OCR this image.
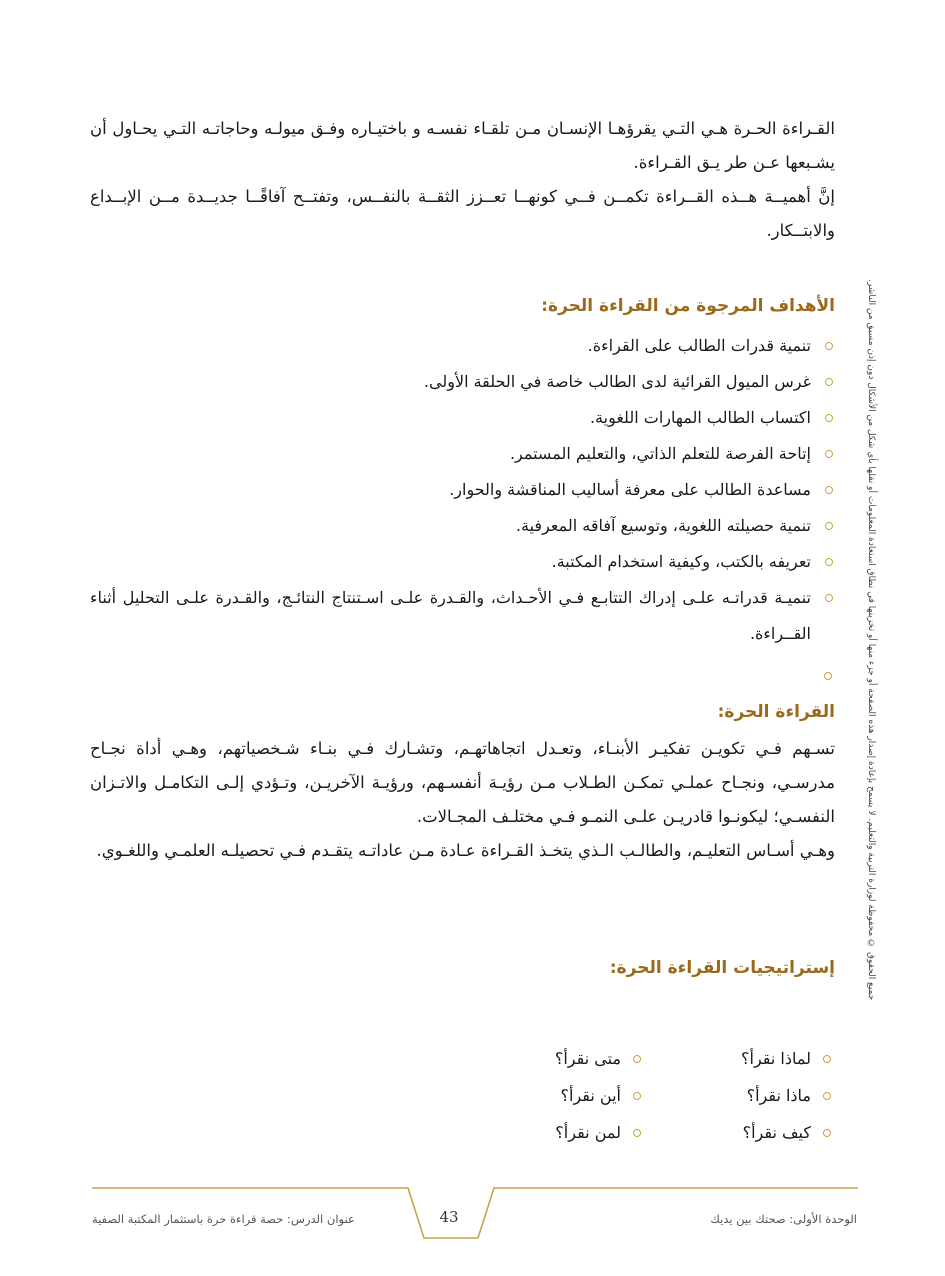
القـراءة الحـرة هـي التـي يقرؤهـا الإنسـان مـن تلقـاء نفسـه و باختيـاره وفـق ميولـه وحاجاتـه التـي يحـاول أن يشـبعها عـن طر يـق القـراءة.

إنَّ أهميــة هــذه القــراءة تكمــن فــي كونهــا تعــزز الثقــة بالنفــس، وتفتــح آفاقًــا جديــدة مــن الإبــداع والابتــكار.

الأهداف المرجوة من القراءة الحرة:
تنمية قدرات الطالب على القراءة.
غرس الميول القرائية لدى الطالب خاصة في الحلقة الأولى.
اكتساب الطالب المهارات اللغوية.
إتاحة الفرصة للتعلم الذاتي، والتعليم المستمر.
مساعدة الطالب على معرفة أساليب المناقشة والحوار.
تنمية حصيلته اللغوية، وتوسيع آفاقه المعرفية.
تعريفه بالكتب، وكيفية استخدام المكتبة.
تنميـة قدراتـه علـى إدراك التتابـع فـي الأحـداث، والقـدرة علـى اسـتنتاج النتائـج، والقـدرة علـى التحليل أثناء القــراءة.
القراءة الحرة:

تسـهم فـي تكويـن تفكيـر الأبنـاء، وتعـدل اتجاهاتهـم، وتشـارك فـي بنـاء شـخصياتهم، وهـي أداة نجـاح مدرسـي، ونجـاح عملـي تمكـن الطـلاب مـن رؤيـة أنفسـهم، ورؤيـة الآخريـن، وتـؤدي إلـى التكامـل والاتـزان النفسـي؛ ليكونـوا قادريـن علـى النمـو فـي مختلـف المجـالات.

وهـي أسـاس التعليـم، والطالـب الـذي يتخـذ القـراءة عـادة مـن عاداتـه يتقـدم فـي تحصيلـه العلمـي واللغـوي.

إستراتيجيات القراءة الحرة:
لماذا نقرأ؟
ماذا نقرأ؟
كيف نقرأ؟
متى نقرأ؟
أين نقرأ؟
لمن نقرأ؟
جميع الحقوق © محفوظة لوزارة التربية والتعليم. لا يسمح بإعادة إصدار هذه الصفحة أو جزء منها أو تخزينها في نطاق استعادة المعلومات أو نقلها بأي شكل من الأشكال دون إذن مسبق من الناشر.
الوحدة الأولى: صحتك بين يديك
43
عنوان الدرس: حصة قراءة حرة باستثمار المكتبة الصفية
